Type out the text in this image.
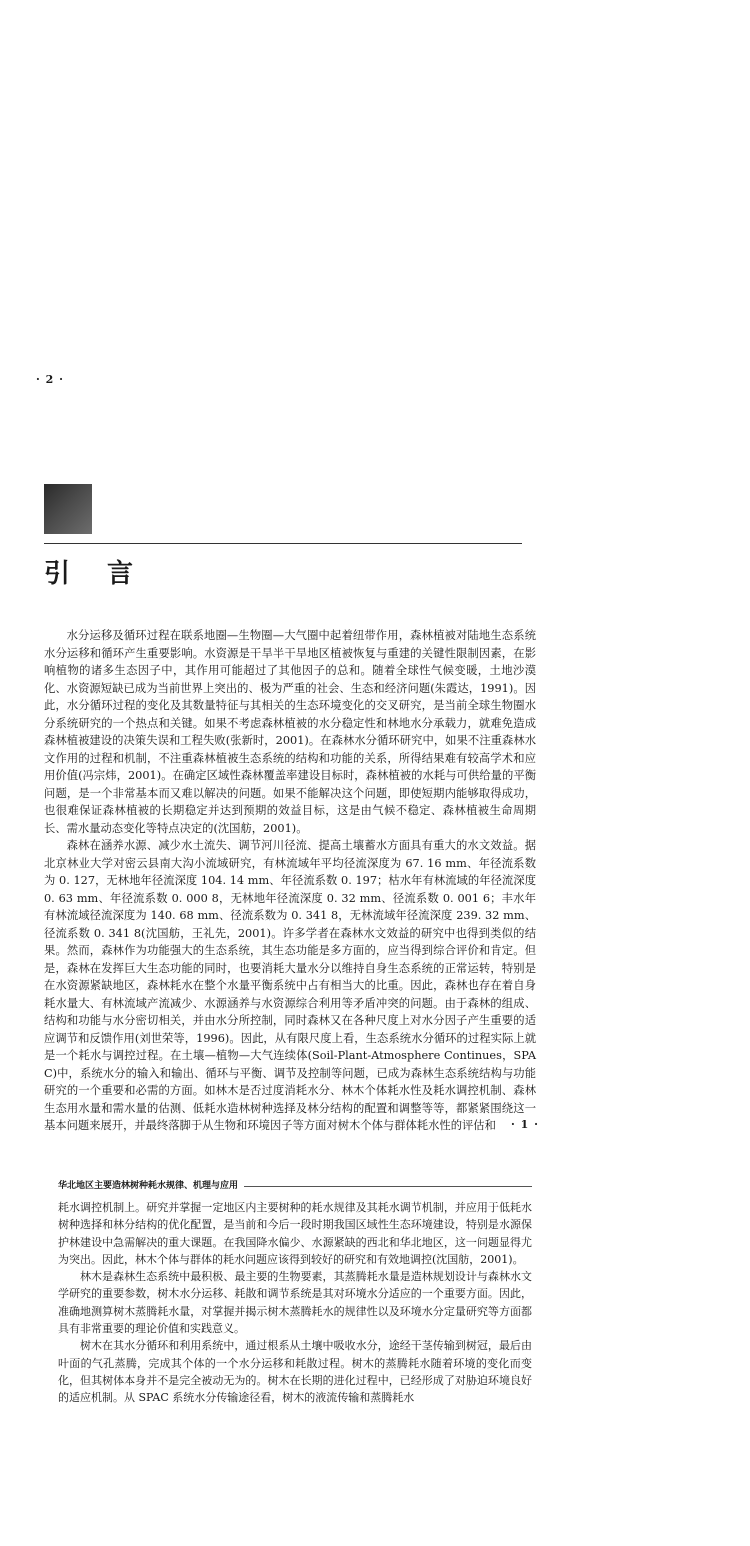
· 2 ·
引 言

水分运移及循环过程在联系地圈—生物圈—大气圈中起着纽带作用，森林植被对陆地生态系统水分运移和循环产生重要影响。水资源是干旱半干旱地区植被恢复与重建的关键性限制因素，在影响植物的诸多生态因子中，其作用可能超过了其他因子的总和。随着全球性气候变暖，土地沙漠化、水资源短缺已成为当前世界上突出的、极为严重的社会、生态和经济问题(朱霞达，1991)。因此，水分循环过程的变化及其数量特征与其相关的生态环境变化的交叉研究，是当前全球生物圈水分系统研究的一个热点和关键。如果不考虑森林植被的水分稳定性和林地水分承载力，就难免造成森林植被建设的决策失误和工程失败(张新时，2001)。在森林水分循环研究中，如果不注重森林水文作用的过程和机制，不注重森林植被生态系统的结构和功能的关系，所得结果难有较高学术和应用价值(冯宗炜，2001)。在确定区域性森林覆盖率建设目标时，森林植被的水耗与可供给量的平衡问题，是一个非常基本而又难以解决的问题。如果不能解决这个问题，即使短期内能够取得成功，也很难保证森林植被的长期稳定并达到预期的效益目标，这是由气候不稳定、森林植被生命周期长、需水量动态变化等特点决定的(沈国舫，2001)。

森林在涵养水源、减少水土流失、调节河川径流、提高土壤蓄水方面具有重大的水文效益。据北京林业大学对密云县南大沟小流域研究，有林流域年平均径流深度为 67. 16 mm、年径流系数为 0. 127，无林地年径流深度 104. 14 mm、年径流系数 0. 197；枯水年有林流域的年径流深度 0. 63 mm、年径流系数 0. 000 8，无林地年径流深度 0. 32 mm、径流系数 0. 001 6；丰水年有林流域径流深度为 140. 68 mm、径流系数为 0. 341 8，无林流域年径流深度 239. 32 mm、径流系数 0. 341 8(沈国舫，王礼先，2001)。许多学者在森林水文效益的研究中也得到类似的结果。然而，森林作为功能强大的生态系统，其生态功能是多方面的，应当得到综合评价和肯定。但是，森林在发挥巨大生态功能的同时，也要消耗大量水分以维持自身生态系统的正常运转，特别是在水资源紧缺地区，森林耗水在整个水量平衡系统中占有相当大的比重。因此，森林也存在着自身耗水量大、有林流域产流减少、水源涵养与水资源综合利用等矛盾冲突的问题。由于森林的组成、结构和功能与水分密切相关，并由水分所控制，同时森林又在各种尺度上对水分因子产生重要的适应调节和反馈作用(刘世荣等，1996)。因此，从有限尺度上看，生态系统水分循环的过程实际上就是一个耗水与调控过程。在土壤—植物—大气连续体(Soil-Plant-Atmosphere Continues，SPAC)中，系统水分的输入和输出、循环与平衡、调节及控制等问题，已成为森林生态系统结构与功能研究的一个重要和必需的方面。如林木是否过度消耗水分、林木个体耗水性及耗水调控机制、森林生态用水量和需水量的估测、低耗水造林树种选择及林分结构的配置和调整等等，都紧紧围绕这一基本问题来展开，并最终落脚于从生物和环境因子等方面对树木个体与群体耗水性的评估和	· 1 ·
华北地区主要造林树种耗水规律、机理与应用

耗水调控机制上。研究并掌握一定地区内主要树种的耗水规律及其耗水调节机制，并应用于低耗水树种选择和林分结构的优化配置，是当前和今后一段时期我国区域性生态环境建设，特别是水源保护林建设中急需解决的重大课题。在我国降水偏少、水源紧缺的西北和华北地区，这一问题显得尤为突出。因此，林木个体与群体的耗水问题应该得到较好的研究和有效地调控(沈国舫，2001)。

林木是森林生态系统中最积极、最主要的生物要素，其蒸腾耗水量是造林规划设计与森林水文学研究的重要参数，树木水分运移、耗散和调节系统是其对环境水分适应的一个重要方面。因此，准确地测算树木蒸腾耗水量，对掌握并揭示树木蒸腾耗水的规律性以及环境水分定量研究等方面都具有非常重要的理论价值和实践意义。

树木在其水分循环和利用系统中，通过根系从土壤中吸收水分，途经干茎传输到树冠，最后由叶面的气孔蒸腾，完成其个体的一个水分运移和耗散过程。树木的蒸腾耗水随着环境的变化而变化，但其树体本身并不是完全被动无为的。树木在长期的进化过程中，已经形成了对胁迫环境良好的适应机制。从 SPAC 系统水分传输途径看，树木的液流传输和蒸腾耗水
